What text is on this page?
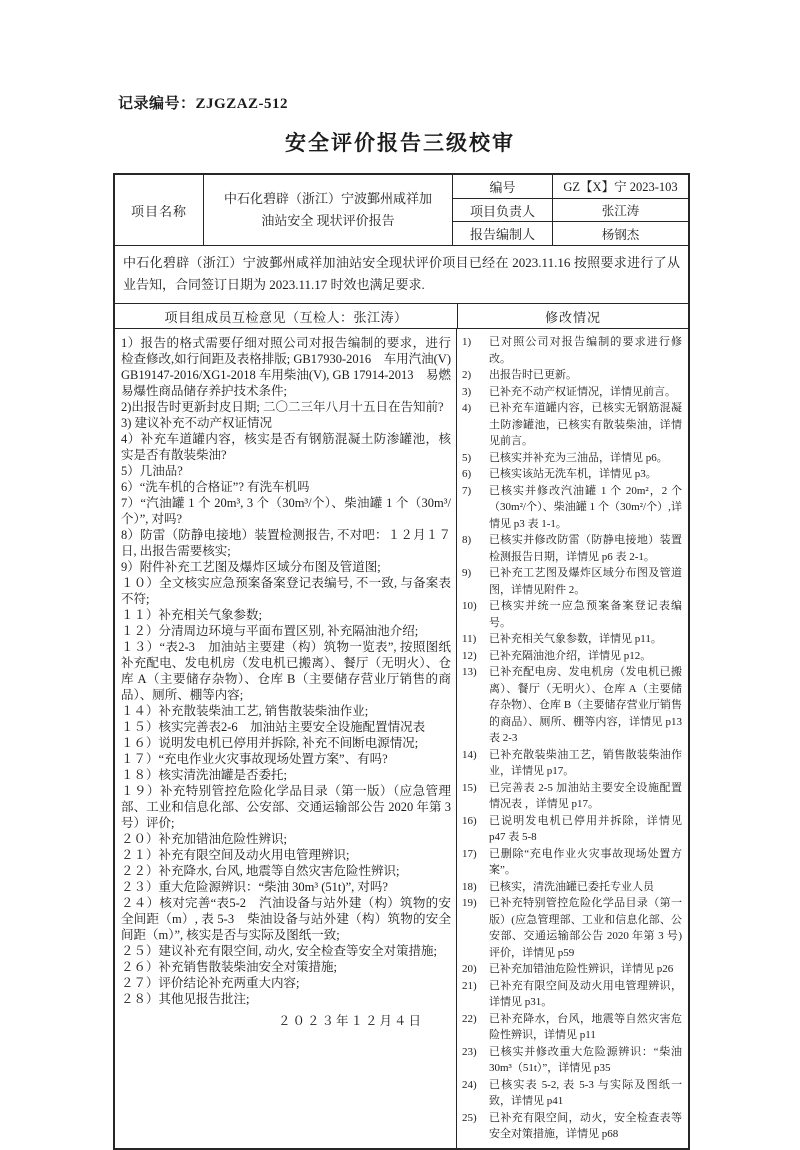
记录编号：ZJGZAZ-512
安全评价报告三级校审
项目名称
中石化碧辟（浙江）宁波鄞州咸祥加油站安全 现状评价报告
编号	GZ【X】宁 2023-103
项目负责人	张江涛
报告编制人	杨钢杰
中石化碧辟（浙江）宁波鄞州咸祥加油站安全现状评价项目已经在 2023.11.16 按照要求进行了从业告知，合同签订日期为 2023.11.17 时效也满足要求.
项目组成员互检意见（互检人：张江涛）	修改情况

1）报告的格式需要仔细对照公司对报告编制的要求，进行检查修改,如行间距及表格排版; GB17930-2016　车用汽油(V) GB19147-2016/XG1-2018 车用柴油(V), GB 17914-2013　易燃易爆性商品储存养护技术条件;

2)出报告时更新封皮日期; 二〇二三年八月十五日在告知前?

3) 建议补充不动产权证情况

4）补充车道罐内容，核实是否有钢筋混凝土防渗罐池，核实是否有散装柴油?

5）几油品?

6）“洗车机的合格证”? 有洗车机吗

7）“汽油罐 1 个 20m³, 3 个（30m³/个）、柴油罐 1 个（30m³/个）”, 对吗?

8）防雷（防静电接地）装置检测报告, 不对吧：１２月１７日, 出报告需要核实;

9）附件补充工艺图及爆炸区域分布图及管道图;

１０）全文核实应急预案备案登记表编号, 不一致, 与备案表不符;

１１）补充相关气象参数;

１２）分清周边环境与平面布置区别, 补充隔油池介绍;

１３）“表2-3　加油站主要建（构）筑物一览表”, 按照图纸补充配电、发电机房（发电机已搬离）、餐厅（无明火）、仓库 A（主要储存杂物）、仓库 B（主要储存营业厅销售的商品）、厕所、棚等内容;

１４）补充散装柴油工艺, 销售散装柴油作业;

１５）核实完善表2-6　加油站主要安全设施配置情况表

１６）说明发电机已停用并拆除, 补充不间断电源情况;

１７）“充电作业火灾事故现场处置方案”、有吗?

１８）核实清洗油罐是否委托;

１９）补充特别管控危险化学品目录（第一版）（应急管理部、工业和信息化部、公安部、交通运输部公告 2020 年第 3 号）评价;

２０）补充加错油危险性辨识;

２１）补充有限空间及动火用电管理辨识;

２２）补充降水, 台风, 地震等自然灾害危险性辨识;

２３）重大危险源辨识：“柴油 30m³ (51t)”, 对吗?

２４）核对完善“表5-2　汽油设备与站外建（构）筑物的安全间距（m）, 表 5-3　柴油设备与站外建（构）筑物的安全间距（m）”, 核实是否与实际及图纸一致;

２５）建议补充有限空间, 动火, 安全检查等安全对策措施;

２６）补充销售散装柴油安全对策措施;

２７）评价结论补充两重大内容;

２８）其他见报告批注;

２０２３年１２月４日

1)	已对照公司对报告编制的要求进行修改。
2)	出报告时已更新。
3)	已补充不动产权证情况，详情见前言。
4)	已补充车道罐内容，已核实无钢筋混凝土防渗罐池，已核实有散装柴油，详情见前言。
5)	已核实并补充为三油品，详情见 p6。
6)	已核实该站无洗车机，详情见 p3。
7)	已核实并修改汽油罐 1 个 20m²，2 个（30m²/个）、柴油罐 1 个（30m²/个）,详情见 p3 表 1-1。
8)	已核实并修改防雷（防静电接地）装置检测报告日期，详情见 p6 表 2-1。
9)	已补充工艺图及爆炸区域分布图及管道图，详情见附件 2。
10)	已核实并统一应急预案备案登记表编号。
11)	已补充相关气象参数，详情见 p11。
12)	已补充隔油池介绍，详情见 p12。
13)	已补充配电房、发电机房（发电机已搬离）、餐厅（无明火）、仓库 A（主要储存杂物）、仓库 B（主要储存营业厅销售的商品）、厕所、棚等内容，详情见 p13 表 2-3
14)	已补充散装柴油工艺，销售散装柴油作业，详情见 p17。
15)	已完善表 2-5 加油站主要安全设施配置情况表 ，详情见 p17。
16)	已说明发电机已停用并拆除，详情见 p47 表 5-8
17)	已删除“充电作业火灾事故现场处置方案”。
18)	已核实，清洗油罐已委托专业人员
19)	已补充特别管控危险化学品目录（第一版）(应急管理部、工业和信息化部、公安部、交通运输部公告 2020 年第 3 号) 评价，详情见 p59
20)	已补充加错油危险性辨识，详情见 p26
21)	已补充有限空间及动火用电管理辨识，详情见 p31。
22)	已补充降水，台风，地震等自然灾害危险性辨识，详情见 p11
23)	已核实并修改重大危险源辨识：“柴油 30m³（51t）”，详情见 p35
24)	已核实表 5-2, 表 5-3 与实际及图纸一致，详情见 p41
25)	已补充有限空间，动火，安全检查表等安全对策措施，详情见 p68
